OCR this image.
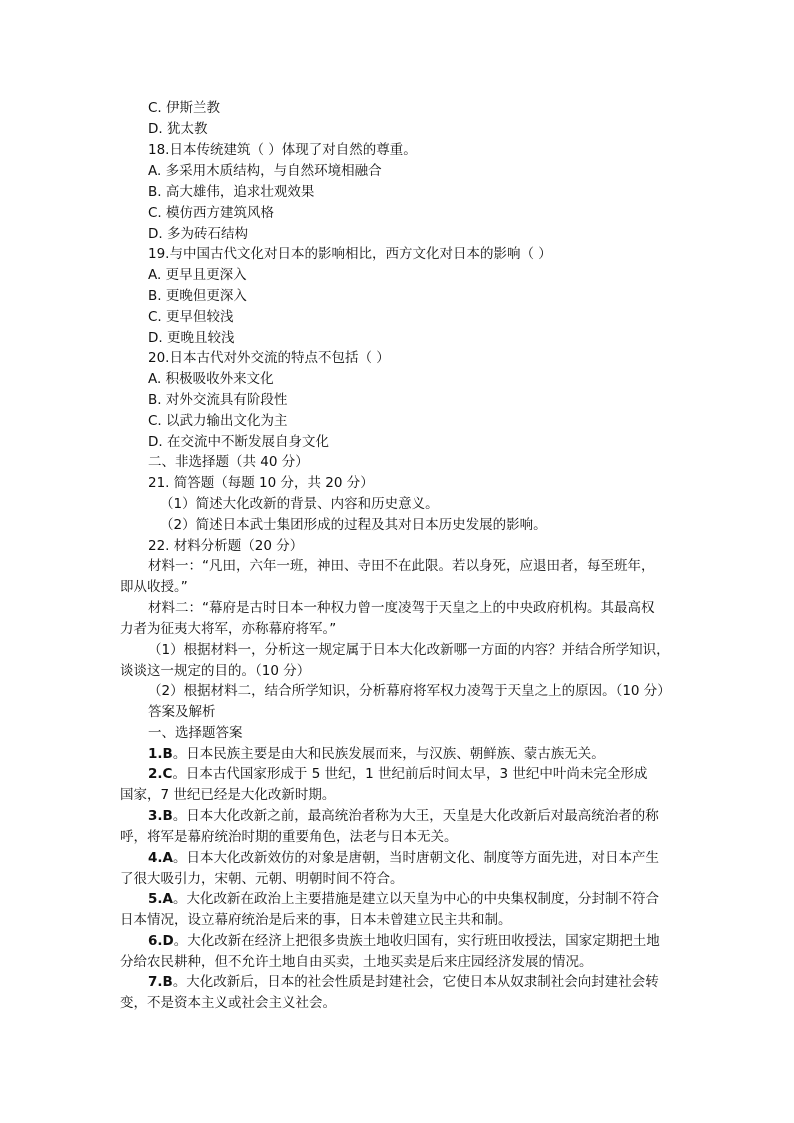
C. 伊斯兰教
D. 犹太教
18.日本传统建筑（ ）体现了对自然的尊重。
A. 多采用木质结构，与自然环境相融合
B. 高大雄伟，追求壮观效果
C. 模仿西方建筑风格
D. 多为砖石结构
19.与中国古代文化对日本的影响相比，西方文化对日本的影响（ ）
A. 更早且更深入
B. 更晚但更深入
C. 更早但较浅
D. 更晚且较浅
20.日本古代对外交流的特点不包括（ ）
A. 积极吸收外来文化
B. 对外交流具有阶段性
C. 以武力输出文化为主
D. 在交流中不断发展自身文化
二、非选择题（共 40 分）
21. 简答题（每题 10 分，共 20 分）
（1）简述大化改新的背景、内容和历史意义。
（2）简述日本武士集团形成的过程及其对日本历史发展的影响。
22. 材料分析题（20 分）
材料一：“凡田，六年一班，神田、寺田不在此限。若以身死，应退田者，每至班年，
即从收授。”
材料二：“幕府是古时日本一种权力曾一度凌驾于天皇之上的中央政府机构。其最高权
力者为征夷大将军，亦称幕府将军。”
（1）根据材料一，分析这一规定属于日本大化改新哪一方面的内容？并结合所学知识，
谈谈这一规定的目的。（10 分）
（2）根据材料二，结合所学知识，分析幕府将军权力凌驾于天皇之上的原因。（10 分）
答案及解析
一、选择题答案
1.B。日本民族主要是由大和民族发展而来，与汉族、朝鲜族、蒙古族无关。
2.C。日本古代国家形成于 5 世纪，1 世纪前后时间太早，3 世纪中叶尚未完全形成
国家，7 世纪已经是大化改新时期。
3.B。日本大化改新之前，最高统治者称为大王，天皇是大化改新后对最高统治者的称
呼，将军是幕府统治时期的重要角色，法老与日本无关。
4.A。日本大化改新效仿的对象是唐朝，当时唐朝文化、制度等方面先进，对日本产生
了很大吸引力，宋朝、元朝、明朝时间不符合。
5.A。大化改新在政治上主要措施是建立以天皇为中心的中央集权制度，分封制不符合
日本情况，设立幕府统治是后来的事，日本未曾建立民主共和制。
6.D。大化改新在经济上把很多贵族土地收归国有，实行班田收授法，国家定期把土地
分给农民耕种，但不允许土地自由买卖，土地买卖是后来庄园经济发展的情况。
7.B。大化改新后，日本的社会性质是封建社会，它使日本从奴隶制社会向封建社会转
变，不是资本主义或社会主义社会。
